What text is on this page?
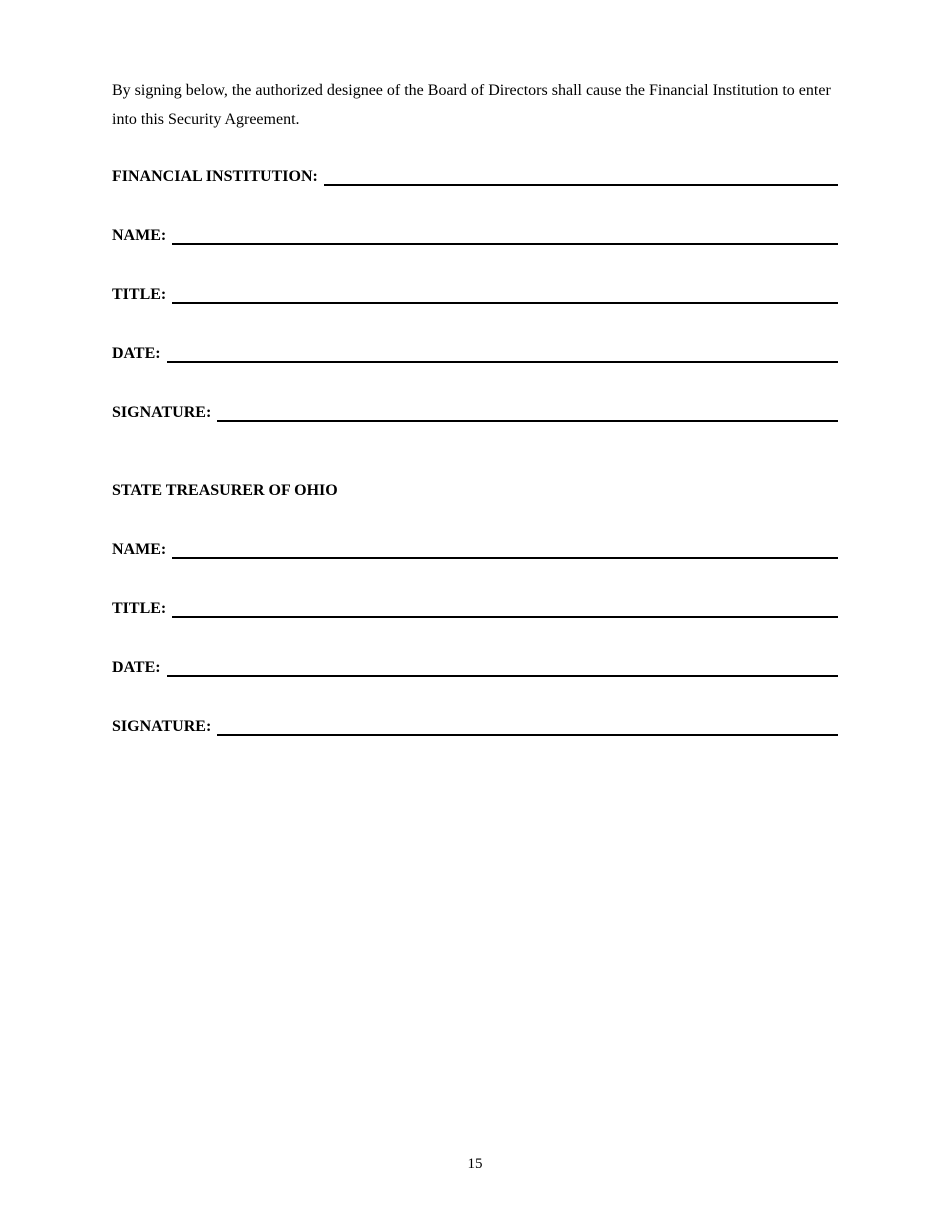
By signing below, the authorized designee of the Board of Directors shall cause the Financial Institution to enter into this Security Agreement.

FINANCIAL INSTITUTION:
NAME:
TITLE:
DATE:
SIGNATURE:

STATE TREASURER OF OHIO

NAME:
TITLE:
DATE:
SIGNATURE:
15
